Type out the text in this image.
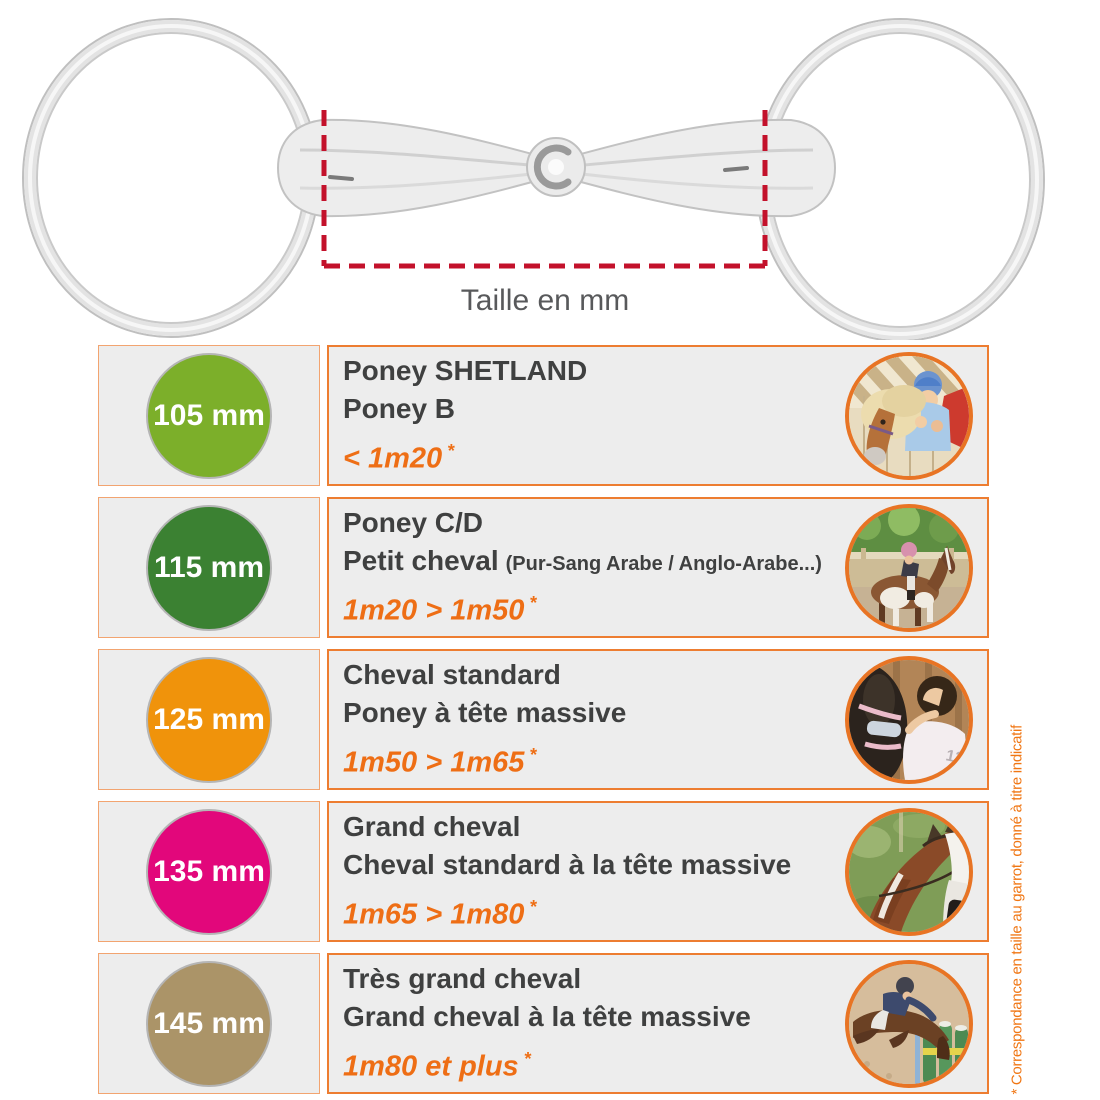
Taille en mm
105 mm
Poney SHETLAND
Poney B
< 1m20 *
115 mm
Poney C/D
Petit cheval (Pur-Sang Arabe / Anglo-Arabe...)
1m20 > 1m50 *
125 mm
Cheval standard
Poney à tête massive
1m50 > 1m65 *	12
135 mm
Grand cheval
Cheval standard à la tête massive
1m65 > 1m80 *
145 mm
Très grand cheval
Grand cheval à la tête massive
1m80 et plus *	* Correspondance en taille au garrot, donné à titre indicatif
